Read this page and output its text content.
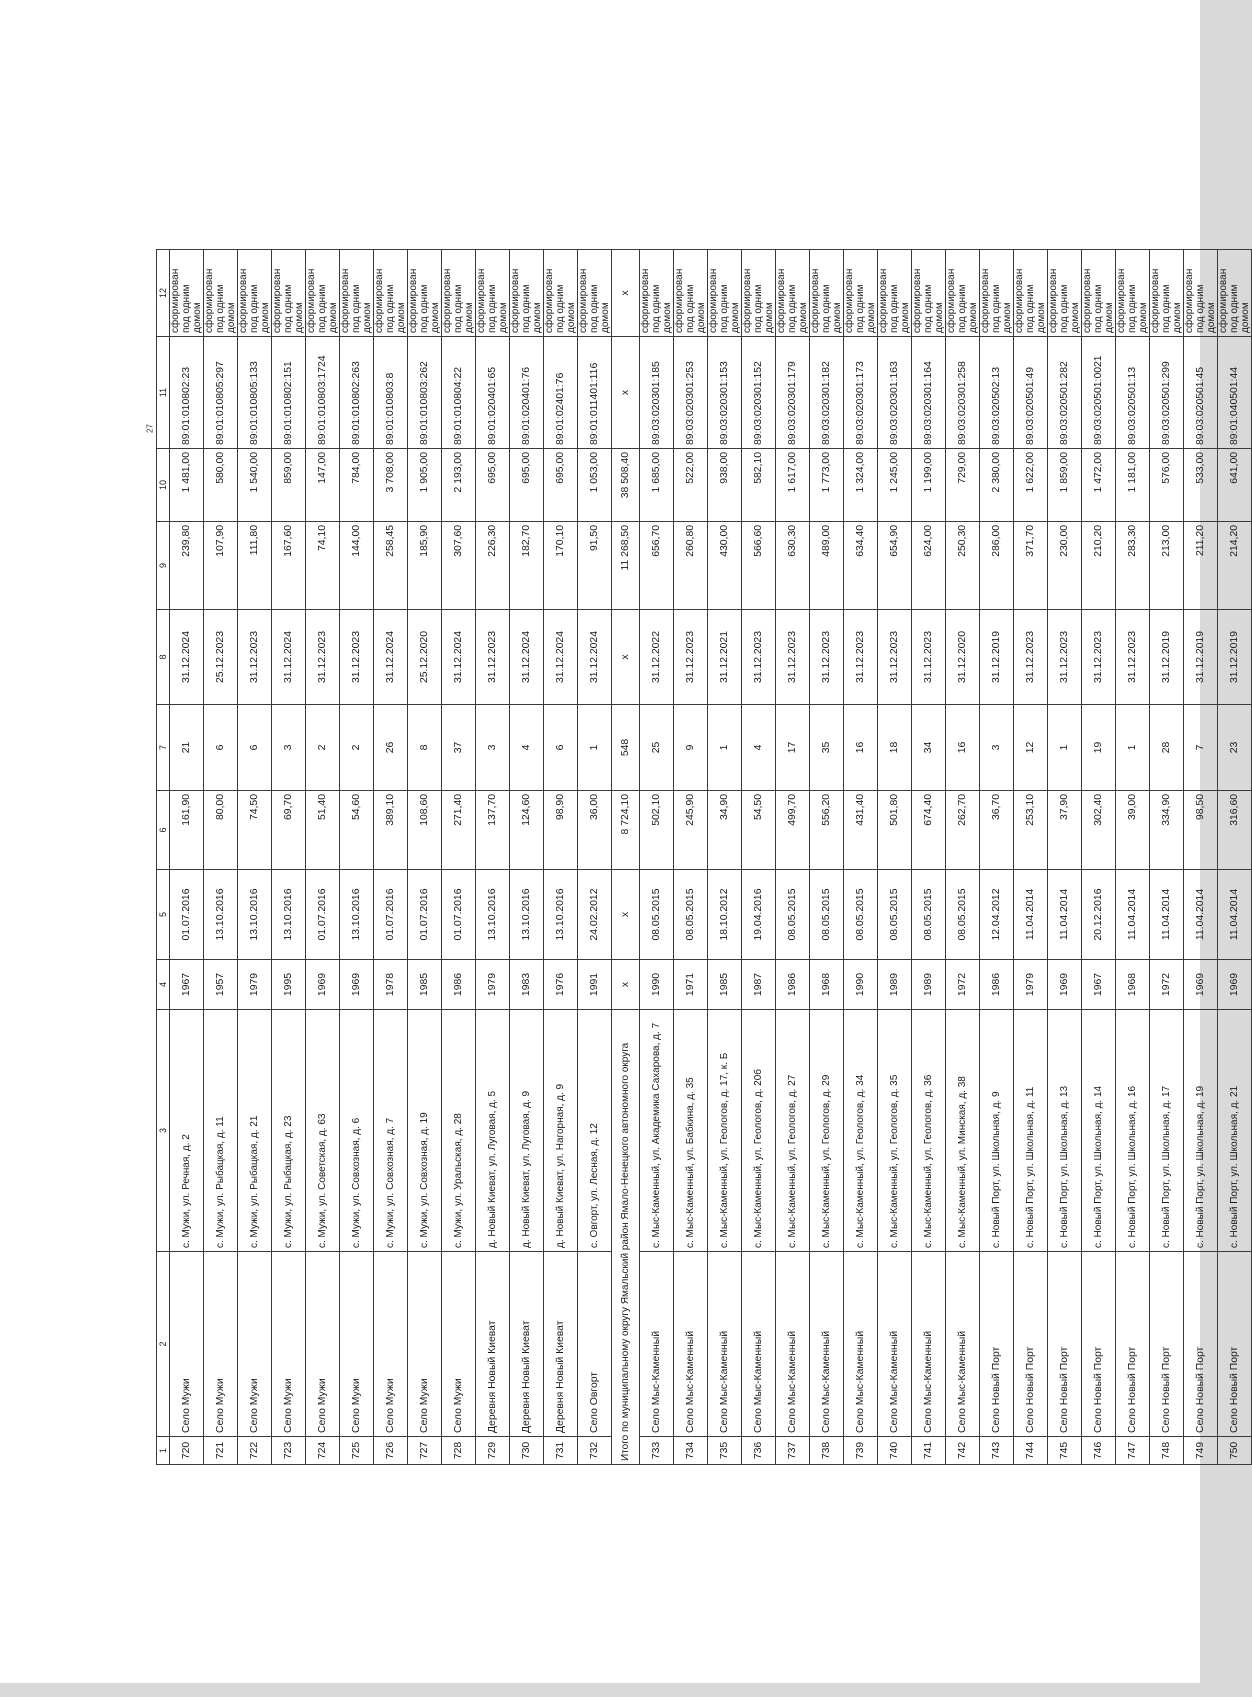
27
1	2	3	4	5	6	7	8	9	10	11	12
720	Село Мужи	с. Мужи, ул. Речная, д. 2	1967	01.07.2016	161,90	21	31.12.2024	239,80	1 481,00	89:01:010802:23	сформирован под одним домом
721	Село Мужи	с. Мужи, ул. Рыбацкая, д. 11	1957	13.10.2016	80,00	6	25.12.2023	107,90	580,00	89:01:010805:297	сформирован под одним домом
722	Село Мужи	с. Мужи, ул. Рыбацкая, д. 21	1979	13.10.2016	74,50	6	31.12.2023	111,80	1 540,00	89:01:010805:133	сформирован под одним домом
723	Село Мужи	с. Мужи, ул. Рыбацкая, д. 23	1995	13.10.2016	69,70	3	31.12.2024	167,60	859,00	89:01:010802:151	сформирован под одним домом
724	Село Мужи	с. Мужи, ул. Советская, д. 63	1969	01.07.2016	51,40	2	31.12.2023	74,10	147,00	89:01:010803:1724	сформирован под одним домом
725	Село Мужи	с. Мужи, ул. Совхозная, д. 6	1969	13.10.2016	54,60	2	31.12.2023	144,00	784,00	89:01:010802:263	сформирован под одним домом
726	Село Мужи	с. Мужи, ул. Совхозная, д. 7	1978	01.07.2016	389,10	26	31.12.2024	258,45	3 708,00	89:01:010803:8	сформирован под одним домом
727	Село Мужи	с. Мужи, ул. Совхозная, д. 19	1985	01.07.2016	108,60	8	25.12.2020	185,90	1 905,00	89:01:010803:262	сформирован под одним домом
728	Село Мужи	с. Мужи, ул. Уральская, д. 28	1986	01.07.2016	271,40	37	31.12.2024	307,60	2 193,00	89:01:010804:22	сформирован под одним домом
729	Деревня Новый Киеват	д. Новый Киеват, ул. Луговая, д. 5	1979	13.10.2016	137,70	3	31.12.2023	226,30	695,00	89:01:020401:65	сформирован под одним домом
730	Деревня Новый Киеват	д. Новый Киеват, ул. Луговая, д. 9	1983	13.10.2016	124,60	4	31.12.2024	182,70	695,00	89:01:020401:76	сформирован под одним домом
731	Деревня Новый Киеват	д. Новый Киеват, ул. Нагорная, д. 9	1976	13.10.2016	98,90	6	31.12.2024	170,10	695,00	89:01:02401:76	сформирован под одним домом
732	Село Овгорт	с. Овгорт, ул. Лесная, д. 12	1991	24.02.2012	36,00	1	31.12.2024	91,50	1 053,00	89:01:011401:116	сформирован под одним домом
Итого по муниципальному округу Ямальский район Ямало-Ненецкого автономного округа			х	х	8 724,10	548	х	11 268,50	38 508,40	х	х
733	Село Мыс-Каменный	с. Мыс-Каменный, ул. Академика Сахарова, д. 7	1990	08.05.2015	502,10	25	31.12.2022	656,70	1 685,00	89:03:020301:185	сформирован под одним домом
734	Село Мыс-Каменный	с. Мыс-Каменный, ул. Бабкина, д. 35	1971	08.05.2015	245,90	9	31.12.2023	260,80	522,00	89:03:020301:253	сформирован под одним домом
735	Село Мыс-Каменный	с. Мыс-Каменный, ул. Геологов, д. 17, к. Б	1985	18.10.2012	34,90	1	31.12.2021	430,00	938,00	89:03:020301:153	сформирован под одним домом
736	Село Мыс-Каменный	с. Мыс-Каменный, ул. Геологов, д. 20б	1987	19.04.2016	54,50	4	31.12.2023	566,60	582,10	89:03:020301:152	сформирован под одним домом
737	Село Мыс-Каменный	с. Мыс-Каменный, ул. Геологов, д. 27	1986	08.05.2015	499,70	17	31.12.2023	630,30	1 617,00	89:03:020301:179	сформирован под одним домом
738	Село Мыс-Каменный	с. Мыс-Каменный, ул. Геологов, д. 29	1968	08.05.2015	556,20	35	31.12.2023	489,00	1 773,00	89:03:020301:182	сформирован под одним домом
739	Село Мыс-Каменный	с. Мыс-Каменный, ул. Геологов, д. 34	1990	08.05.2015	431,40	16	31.12.2023	634,40	1 324,00	89:03:020301:173	сформирован под одним домом
740	Село Мыс-Каменный	с. Мыс-Каменный, ул. Геологов, д. 35	1989	08.05.2015	501,80	18	31.12.2023	654,90	1 245,00	89:03:020301:163	сформирован под одним домом
741	Село Мыс-Каменный	с. Мыс-Каменный, ул. Геологов, д. 36	1989	08.05.2015	674,40	34	31.12.2023	624,00	1 199,00	89:03:020301:164	сформирован под одним домом
742	Село Мыс-Каменный	с. Мыс-Каменный, ул. Минская, д. 38	1972	08.05.2015	262,70	16	31.12.2020	250,30	729,00	89:03:020301:258	сформирован под одним домом
743	Село Новый Порт	с. Новый Порт, ул. Школьная, д. 9	1986	12.04.2012	36,70	3	31.12.2019	286,00	2 380,00	89:03:020502:13	сформирован под одним домом
744	Село Новый Порт	с. Новый Порт, ул. Школьная, д. 11	1979	11.04.2014	253,10	12	31.12.2023	371,70	1 622,00	89:03:020501:49	сформирован под одним домом
745	Село Новый Порт	с. Новый Порт, ул. Школьная, д. 13	1969	11.04.2014	37,90	1	31.12.2023	230,00	1 859,00	89:03:020501:282	сформирован под одним домом
746	Село Новый Порт	с. Новый Порт, ул. Школьная, д. 14	1967	20.12.2016	302,40	19	31.12.2023	210,20	1 472,00	89:03:020501:0021	сформирован под одним домом
747	Село Новый Порт	с. Новый Порт, ул. Школьная, д. 16	1968	11.04.2014	39,00	1	31.12.2023	283,30	1 181,00	89:03:020501:13	сформирован под одним домом
748	Село Новый Порт	с. Новый Порт, ул. Школьная, д. 17	1972	11.04.2014	334,90	28	31.12.2019	213,00	576,00	89:03:020501:299	сформирован под одним домом
749	Село Новый Порт	с. Новый Порт, ул. Школьная, д. 19	1969	11.04.2014	98,50	7	31.12.2019	211,20	533,00	89:03:020501:45	сформирован под одним домом
750	Село Новый Порт	с. Новый Порт, ул. Школьная, д. 21	1969	11.04.2014	316,60	23	31.12.2019	214,20	641,00	89:01:040501:44	сформирован под одним домом
